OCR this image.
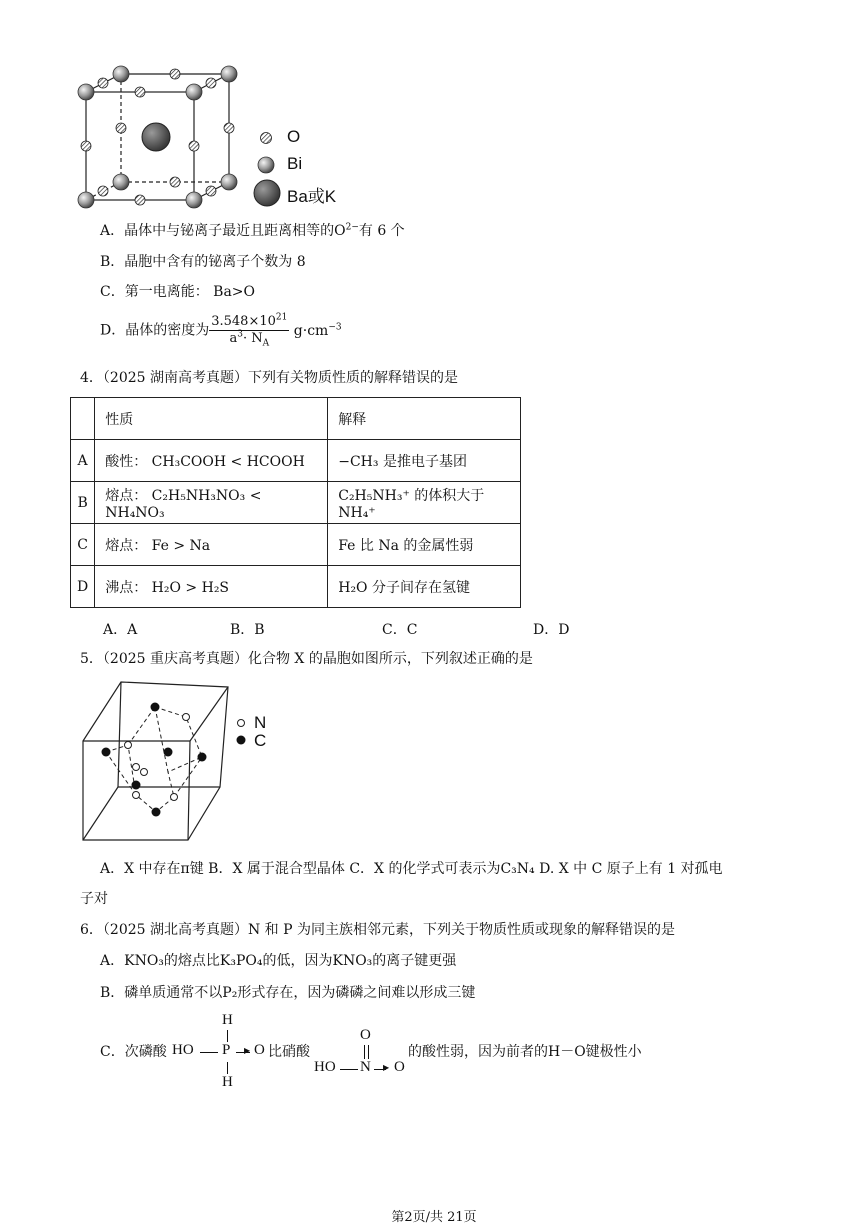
O
Bi
Ba或K
A．晶体中与铋离子最近且距离相等的$O^{2-}$有 6 个
B．晶胞中含有的铋离子个数为 8
C．第一电离能： Ba>O
D．晶体的密度为 $\frac{3.548\times 10^{21}}{a^3\cdot N_A} g\cdot cm^{-3}$
4．（2025 湖南高考真题）下列有关物质性质的解释错误的是
	性质	解释
A	酸性： CH₃COOH < HCOOH	−CH₃ 是推电子基团
B	熔点： C₂H₅NH₃NO₃ < NH₄NO₃	C₂H₅NH₃⁺ 的体积大于 NH₄⁺
C	熔点： Fe > Na	Fe 比 Na 的金属性弱
D	沸点： H₂O > H₂S	H₂O 分子间存在氢键
A．A	B．B	C．C	D．D
5．（2025 重庆高考真题）化合物 X 的晶胞如图所示，下列叙述正确的是
N
C
A．X 中存在π键 B．X 属于混合型晶体 C．X 的化学式可表示为C₃N₄ D. X 中 C 原子上有 1 对孤电
子对
6．（2025 湖北高考真题）N 和 P 为同主族相邻元素，下列关于物质性质或现象的解释错误的是
A．KNO₃的熔点比K₃PO₄的低，因为KNO₃的离子键更强
B．磷单质通常不以P₂形式存在，因为磷磷之间难以形成三键
C．次磷酸
H
HO P ▶ O
H
比硝酸
O
HO N ▶ O
的酸性弱，因为前者的H－O键极性小
第2页/共 21页
